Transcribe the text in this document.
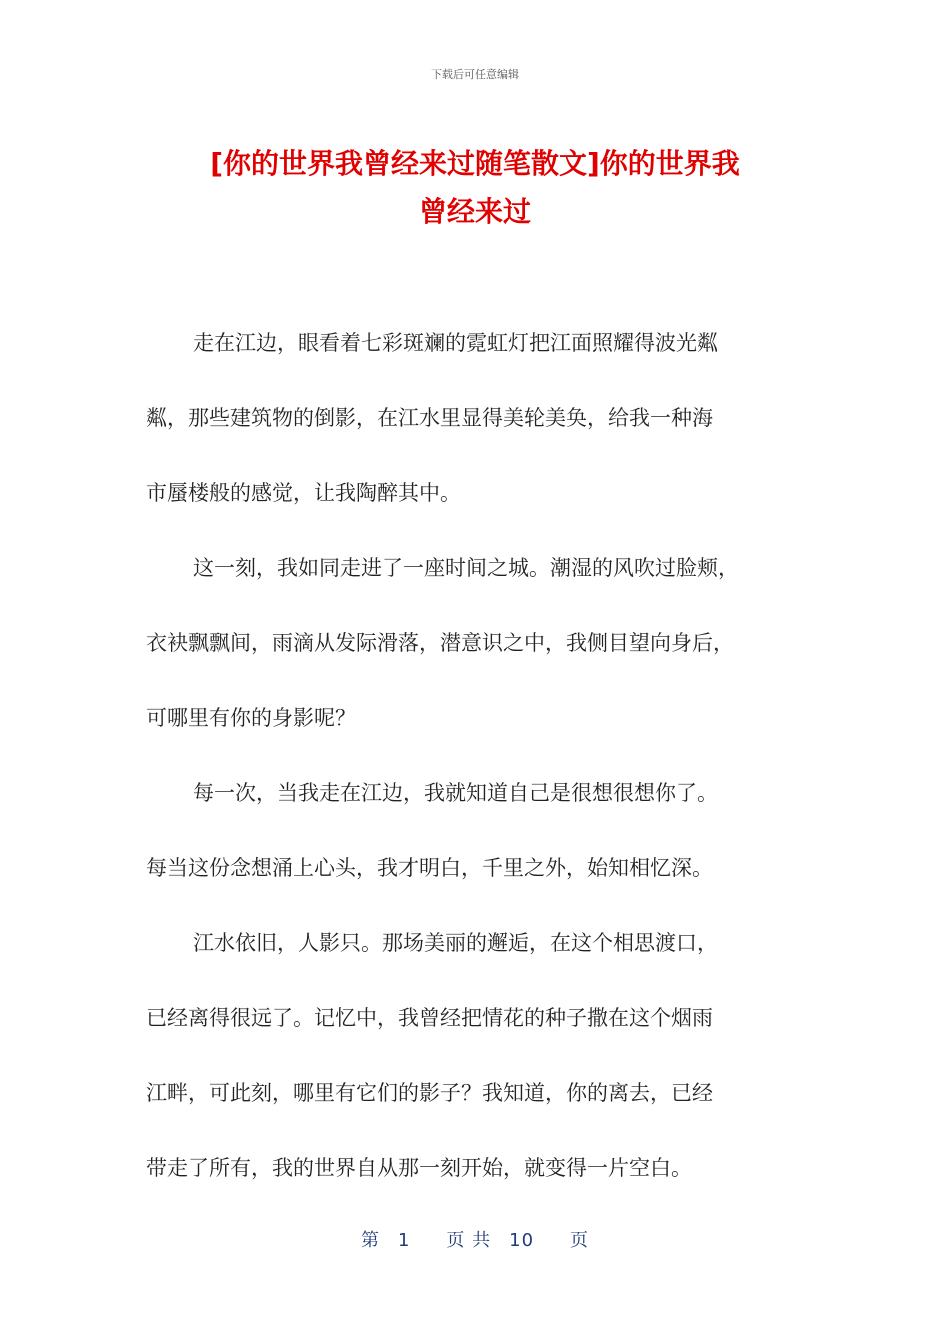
下载后可任意编辑
[你的世界我曾经来过随笔散文]你的世界我
曾经来过

走在江边，眼看着七彩斑斓的霓虹灯把江面照耀得波光粼
粼，那些建筑物的倒影，在江水里显得美轮美奂，给我一种海
市蜃楼般的感觉，让我陶醉其中。

这一刻，我如同走进了一座时间之城。潮湿的风吹过脸颊，
衣袂飘飘间，雨滴从发际滑落，潜意识之中，我侧目望向身后，
可哪里有你的身影呢？

每一次，当我走在江边，我就知道自己是很想很想你了。
每当这份念想涌上心头，我才明白，千里之外，始知相忆深。

江水依旧，人影只。那场美丽的邂逅，在这个相思渡口，
已经离得很远了。记忆中，我曾经把情花的种子撒在这个烟雨
江畔，可此刻，哪里有它们的影子？我知道，你的离去，已经
带走了所有，我的世界自从那一刻开始，就变得一片空白。

第 1 页 共 10 页
